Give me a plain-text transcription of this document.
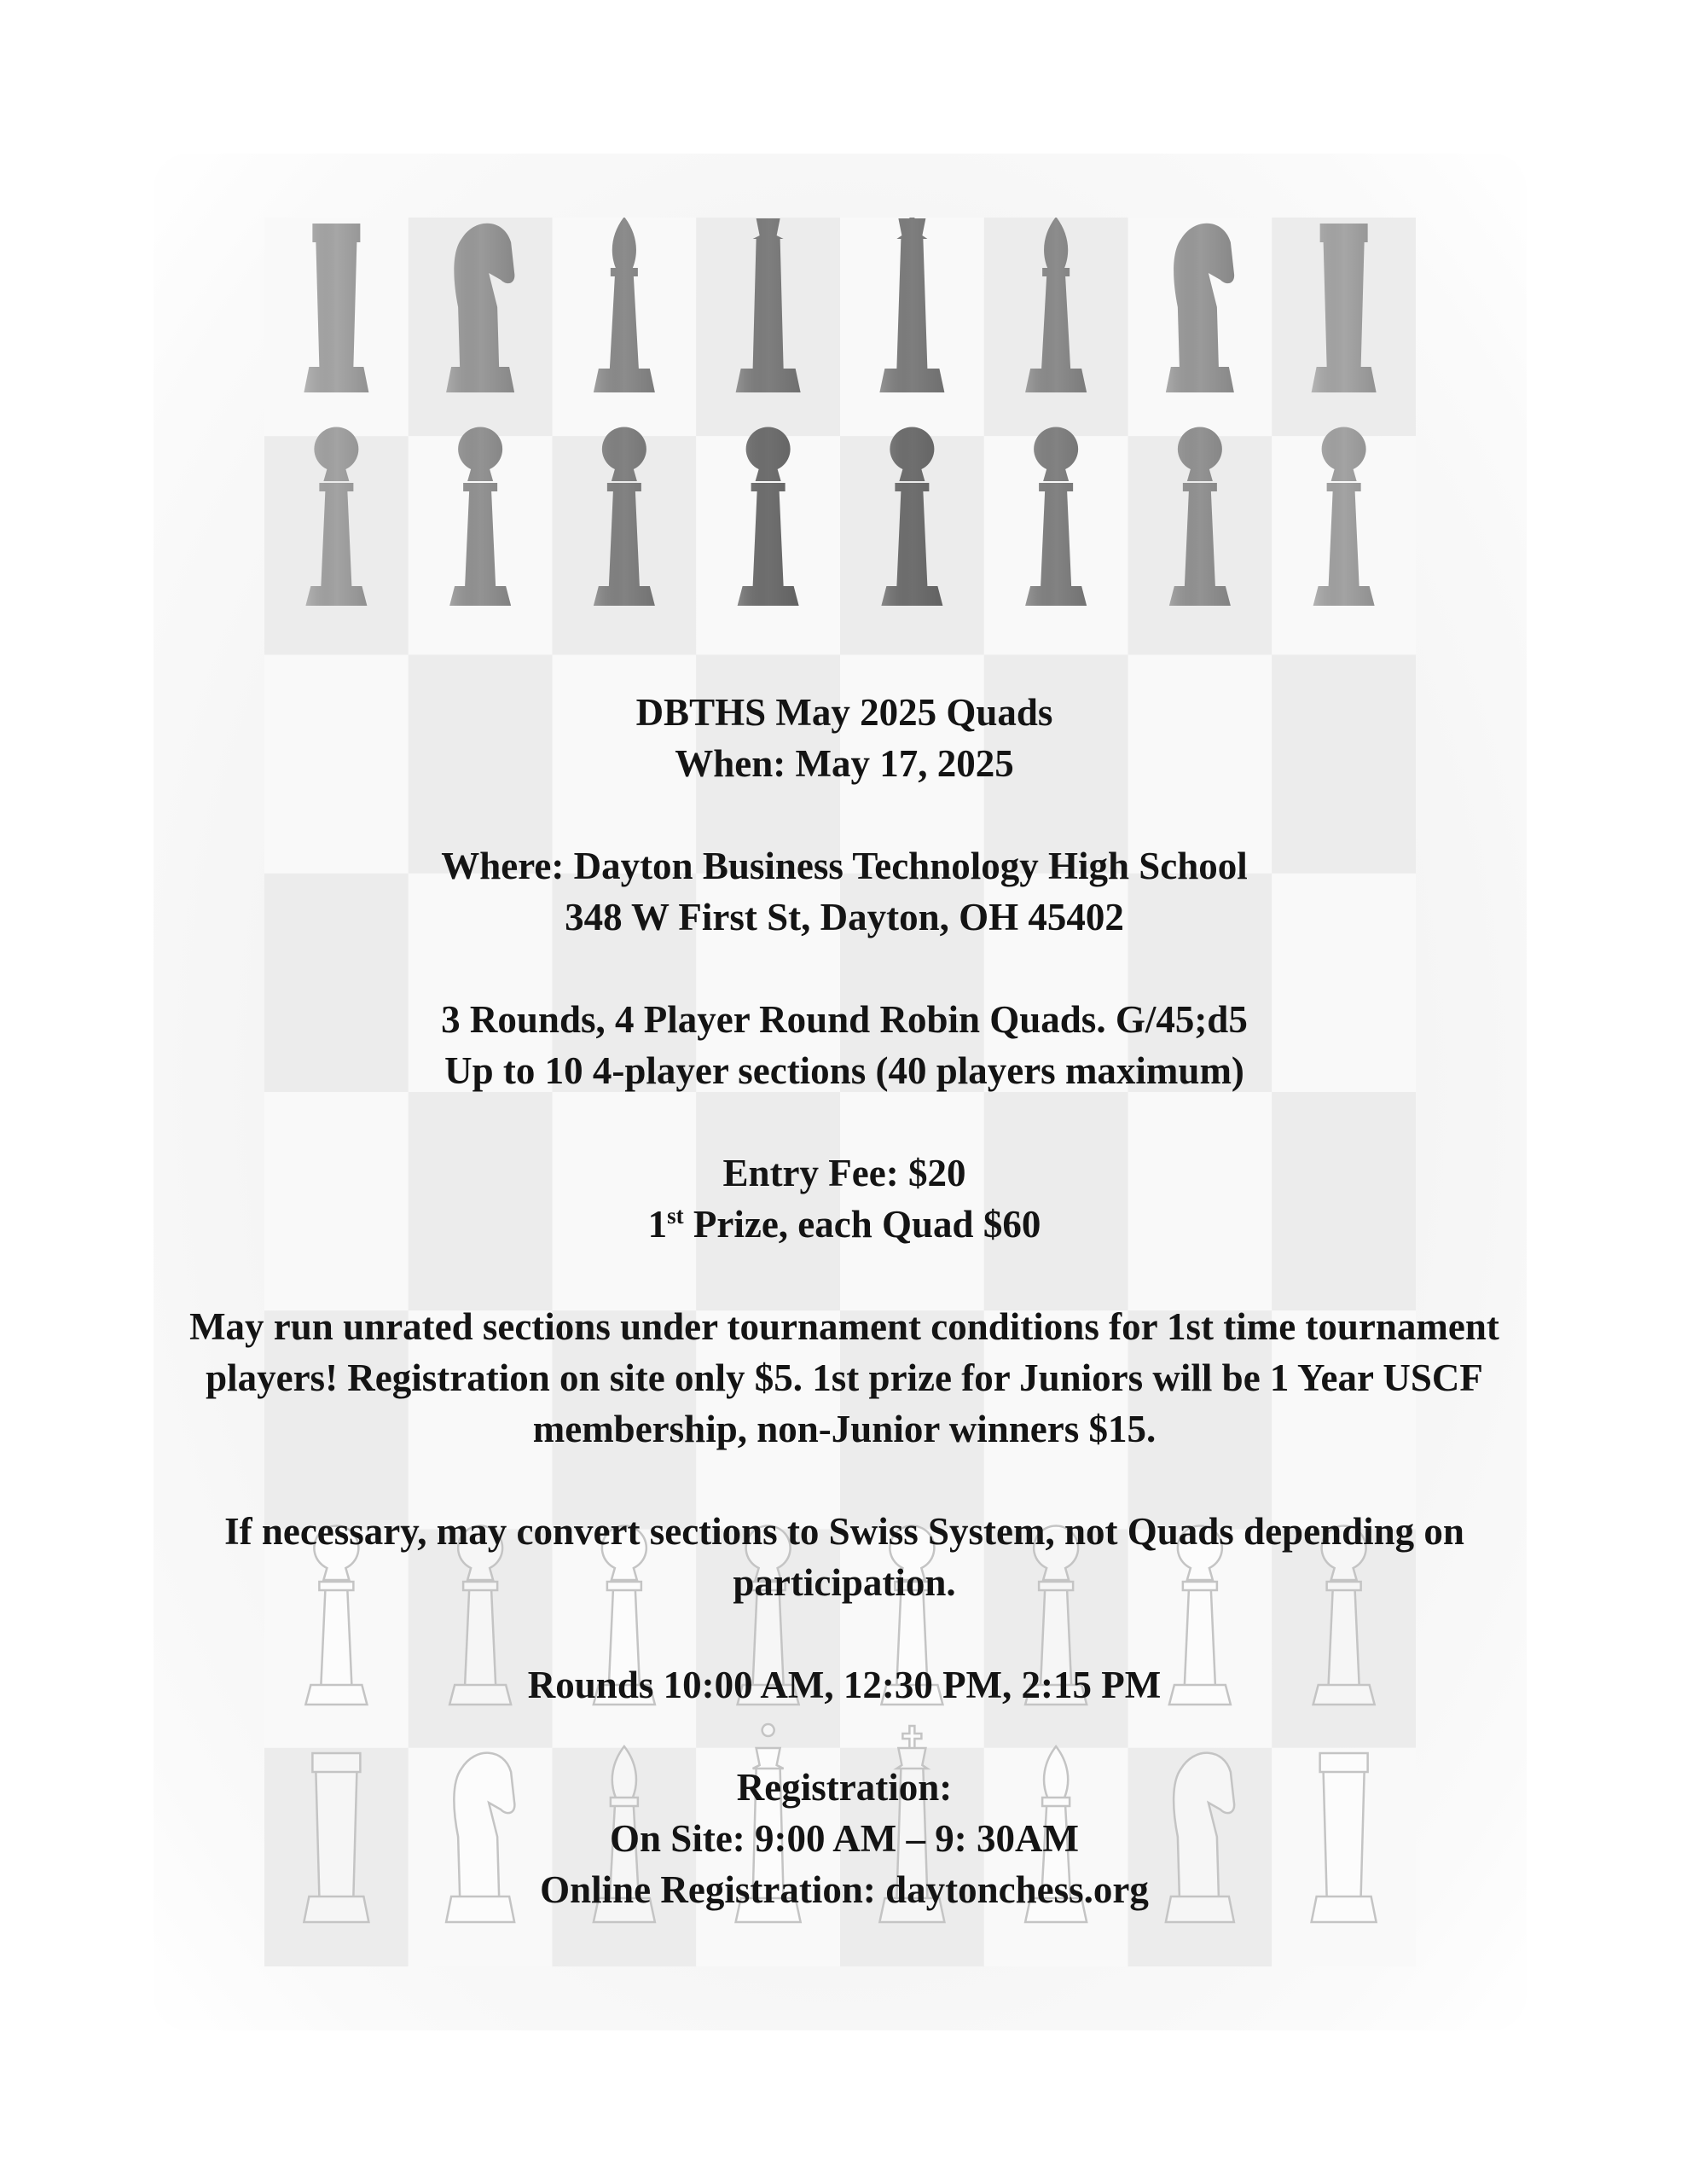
DBTHS May 2025 Quads
When: May 17, 2025
Where: Dayton Business Technology High School
348 W First St, Dayton, OH 45402
3 Rounds, 4 Player Round Robin Quads. G/45;d5
Up to 10 4-player sections (40 players maximum)
Entry Fee: $20
1st Prize, each Quad $60
May run unrated sections under tournament conditions for 1st time tournament players! Registration on site only $5. 1st prize for Juniors will be 1 Year USCF membership, non-Junior winners $15.
If necessary, may convert sections to Swiss System, not Quads depending on participation.
Rounds 10:00 AM, 12:30 PM, 2:15 PM
Registration:
On Site: 9:00 AM – 9: 30AM
Online Registration: daytonchess.org
